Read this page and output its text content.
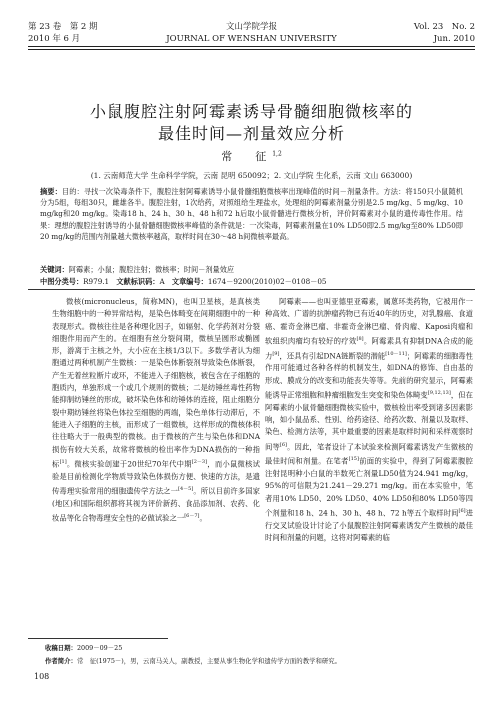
第 23 卷　第 2 期	文山学院学报	Vol. 23　No. 2
2010 年 6 月	JOURNAL OF WENSHAN UNIVERSITY	Jun. 2010
小鼠腹腔注射阿霉素诱导骨髓细胞微核率的
最佳时间—剂量效应分析
常　征$^{1,2}$
(1. 云南师范大学 生命科学学院，云南 昆明 650092；2. 文山学院 生化系，云南 文山 663000)
摘要：目的：寻找一次染毒条件下，腹腔注射阿霉素诱导小鼠骨髓细胞微核率出现峰值的时间－剂量条件。方法：将150只小鼠随机分为5组，每组30只，雌雄各半。腹腔注射，1次给药，对照组给生理盐水，处理组的阿霉素剂量分别是2.5 mg/kg、5 mg/kg、10 mg/kg和20 mg/kg。染毒18 h、24 h、30 h、48 h和72 h后取小鼠骨髓进行微核分析，评价阿霉素对小鼠的遗传毒性作用。结果：理想的腹腔注射诱导的小鼠骨髓细胞微核率峰值的条件就是：一次染毒，阿霉素剂量在10% LD50即2.5 mg/kg至80% LD50即20 mg/kg的范围内剂量越大微核率越高，取样时间在30～48 h间微核率最高。
关键词：阿霉素；小鼠；腹腔注射；微核率；时间－剂量效应
中图分类号：R979.1　 文献标识码：A　 文章编号：1674－9200(2010)02－0108－05

微核(micronucleus，简称MN)，也叫卫星核，是真核类生物细胞中的一种异常结构，是染色体畸变在间期细胞中的一种表现形式。微核往往是各种理化因子，如辐射、化学药剂对分裂细胞作用而产生的。在细胞有丝分裂间期，微核呈圆形或椭圆形，游离于主核之外，大小应在主核1/3以下。多数学者认为细胞通过两种机制产生微核：一是染色体断裂剂导致染色体断裂，产生无着丝粒断片或环，不能进入子细胞核，被包含在子细胞的胞质内，单独形成一个或几个规则的微核；二是纺锤丝毒性药物能抑制纺锤丝的形成，破坏染色体和纺锤体的连接，阻止细胞分裂中期纺锤丝将染色体拉至细胞的两端，染色单体行动滞后，不能进入子细胞的主核，而形成了一组微核，这样形成的微核体积往往略大于一般典型的微核。由于微核的产生与染色体和DNA损伤有较大关系，故常将微核的检出率作为DNA损伤的一种指标[1]。微核实验创建于20世纪70年代中期[2－3]，而小鼠微核试验是目前检测化学物质导致染色体损伤方便、快速的方法，是遗传毒理实验常用的细胞遗传学方法之一[4－5]。所以目前许多国家(地区)和国际组织都将其视为评价新药、食品添加剂、农药、化妆品等化合物毒理安全性的必做试验之一[6－7]。

阿霉素——也叫亚德里亚霉素，属蒽环类药物，它被用作一种高效、广谱的抗肿瘤药物已有近40年的历史，对乳腺癌、食道癌、霍奇金淋巴瘤、非霍奇金淋巴瘤、骨肉瘤、Kaposi肉瘤和软组织肉瘤均有较好的疗效[8]。阿霉素具有抑制DNA合成的能力[9]，还具有引起DNA链断裂的潜能[10－11]；阿霉素的细胞毒性作用可能通过各种各样的机制发生，如DNA的修饰、自由基的形成、膜成分的改变和功能丧失等等。先前的研究显示，阿霉素能诱导正常细胞和肿瘤细胞发生突变和染色体畸变[9,12,13]，但在阿霉素的小鼠骨髓细胞微核实验中，微核检出率受到诸多因素影响，如小鼠品系、性别、给药途径、给药次数、剂量以及取样、染色、检测方法等，其中最重要的因素是取样时间和采样观察时间等[6]。因此，笔者设计了本试验来检测阿霉素诱发产生微核的最佳时间和剂量。在笔者[15]前面的实验中，得到了阿霉素腹腔注射昆明种小白鼠的半数死亡剂量LD50值为24.941 mg/kg，95%的可信限为21.241－29.271 mg/kg。而在本实验中，笔者用10% LD50、20% LD50、40% LD50和80% LD50等四个剂量和18 h、24 h、30 h、48 h、72 h等五个取样时间[6]进行交叉试验设计讨论了小鼠腹腔注射阿霉素诱发产生微核的最佳时间和剂量的问题，这将对阿霉素的临

收稿日期：2009－09－25
作者简介：常　征(1975－)，男，云南马关人，副教授，主要从事生物化学和遗传学方面的教学和研究。
108
